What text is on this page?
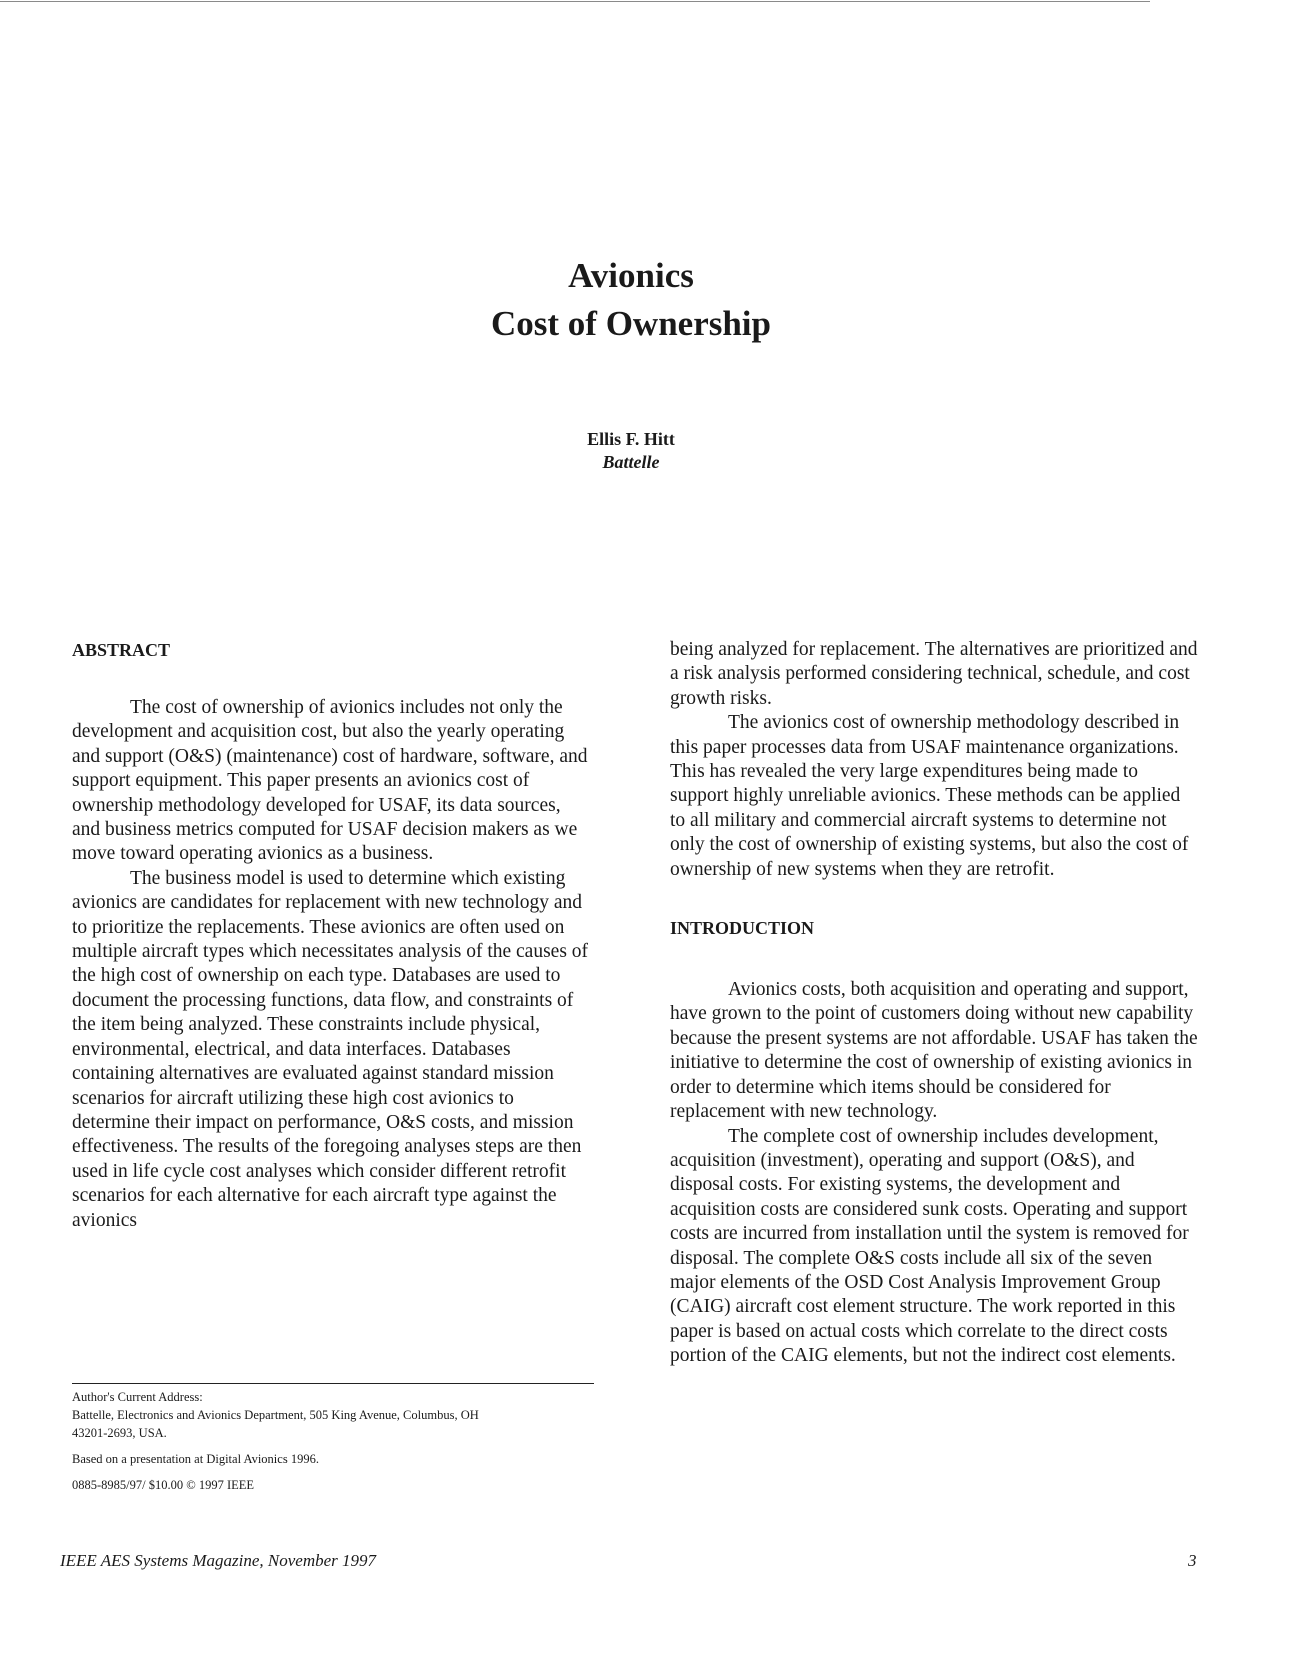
Avionics
Cost of Ownership
Ellis F. Hitt
Battelle
ABSTRACT

The cost of ownership of avionics includes not only the development and acquisition cost, but also the yearly operating and support (O&S) (maintenance) cost of hardware, software, and support equipment. This paper presents an avionics cost of ownership methodology developed for USAF, its data sources, and business metrics computed for USAF decision makers as we move toward operating avionics as a business.

The business model is used to determine which existing avionics are candidates for replacement with new technology and to prioritize the replacements. These avionics are often used on multiple aircraft types which necessitates analysis of the causes of the high cost of ownership on each type. Databases are used to document the processing functions, data flow, and constraints of the item being analyzed. These constraints include physical, environmental, electrical, and data interfaces. Databases containing alternatives are evaluated against standard mission scenarios for aircraft utilizing these high cost avionics to determine their impact on performance, O&S costs, and mission effectiveness. The results of the foregoing analyses steps are then used in life cycle cost analyses which consider different retrofit scenarios for each alternative for each aircraft type against the avionics

being analyzed for replacement. The alternatives are prioritized and a risk analysis performed considering technical, schedule, and cost growth risks.

The avionics cost of ownership methodology described in this paper processes data from USAF maintenance organizations. This has revealed the very large expenditures being made to support highly unreliable avionics. These methods can be applied to all military and commercial aircraft systems to determine not only the cost of ownership of existing systems, but also the cost of ownership of new systems when they are retrofit.

INTRODUCTION

Avionics costs, both acquisition and operating and support, have grown to the point of customers doing without new capability because the present systems are not affordable. USAF has taken the initiative to determine the cost of ownership of existing avionics in order to determine which items should be considered for replacement with new technology.

The complete cost of ownership includes development, acquisition (investment), operating and support (O&S), and disposal costs. For existing systems, the development and acquisition costs are considered sunk costs. Operating and support costs are incurred from installation until the system is removed for disposal. The complete O&S costs include all six of the seven major elements of the OSD Cost Analysis Improvement Group (CAIG) aircraft cost element structure. The work reported in this paper is based on actual costs which correlate to the direct costs portion of the CAIG elements, but not the indirect cost elements.

Author's Current Address:

Battelle, Electronics and Avionics Department, 505 King Avenue, Columbus, OH

43201-2693, USA.

Based on a presentation at Digital Avionics 1996.

0885-8985/97/ $10.00 © 1997 IEEE

IEEE AES Systems Magazine, November 1997	3
